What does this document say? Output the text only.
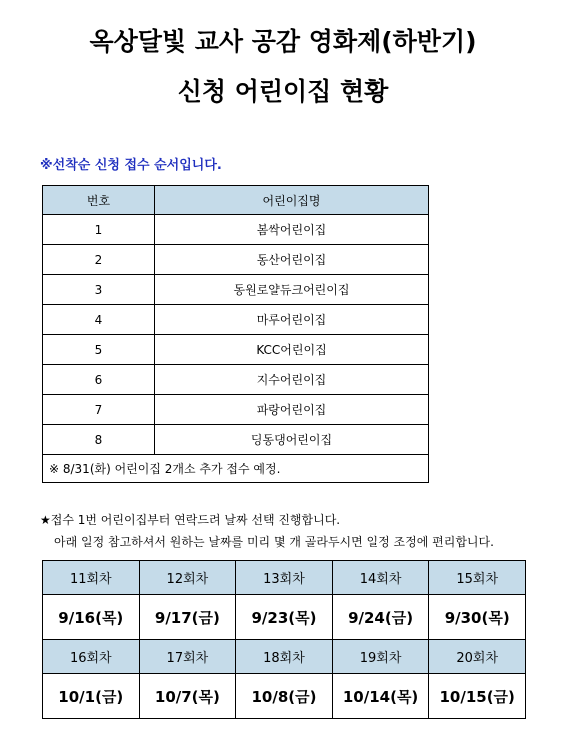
옥상달빛 교사 공감 영화제(하반기)
신청 어린이집 현황
※선착순 신청 접수 순서입니다.
번호	어린이집명
1	봄싹어린이집
2	동산어린이집
3	동원로얄듀크어린이집
4	마루어린이집
5	KCC어린이집
6	지수어린이집
7	파랑어린이집
8	딩동댕어린이집
※ 8/31(화) 어린이집 2개소 추가 접수 예정.	
★접수 1번 어린이집부터 연락드려 날짜 선택 진행합니다.
아래 일정 참고하셔서 원하는 날짜를 미리 몇 개 골라두시면 일정 조정에 편리합니다.
11회차	12회차	13회차	14회차	15회차
9/16(목)	9/17(금)	9/23(목)	9/24(금)	9/30(목)
16회차	17회차	18회차	19회차	20회차
10/1(금)	10/7(목)	10/8(금)	10/14(목)	10/15(금)
